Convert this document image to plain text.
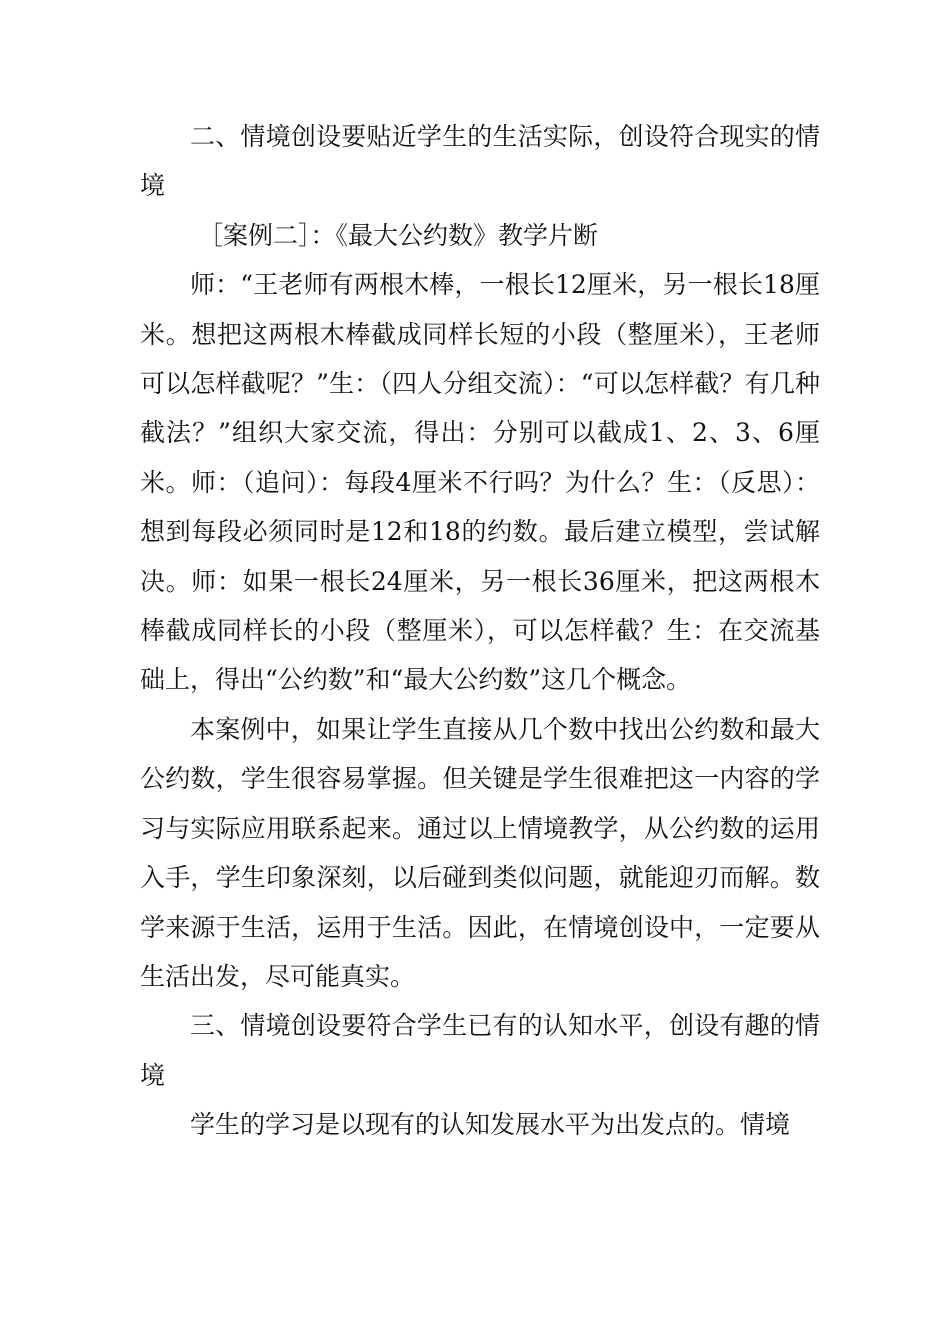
二、情境创设要贴近学生的生活实际，创设符合现实的情境

［案例二］：《最大公约数》教学片断

师：“王老师有两根木棒，一根长12厘米，另一根长18厘米。想把这两根木棒截成同样长短的小段（整厘米），王老师可以怎样截呢？”生：（四人分组交流）：“可以怎样截？有几种截法？”组织大家交流，得出：分别可以截成1、2、3、6厘米。师：（追问）：每段4厘米不行吗？为什么？生：（反思）：想到每段必须同时是12和18的约数。最后建立模型，尝试解决。师：如果一根长24厘米，另一根长36厘米，把这两根木棒截成同样长的小段（整厘米），可以怎样截？生：在交流基础上，得出“公约数”和“最大公约数”这几个概念。

本案例中，如果让学生直接从几个数中找出公约数和最大公约数，学生很容易掌握。但关键是学生很难把这一内容的学习与实际应用联系起来。通过以上情境教学，从公约数的运用入手，学生印象深刻，以后碰到类似问题，就能迎刃而解。数学来源于生活，运用于生活。因此，在情境创设中，一定要从生活出发，尽可能真实。

三、情境创设要符合学生已有的认知水平，创设有趣的情境

学生的学习是以现有的认知发展水平为出发点的。情境
